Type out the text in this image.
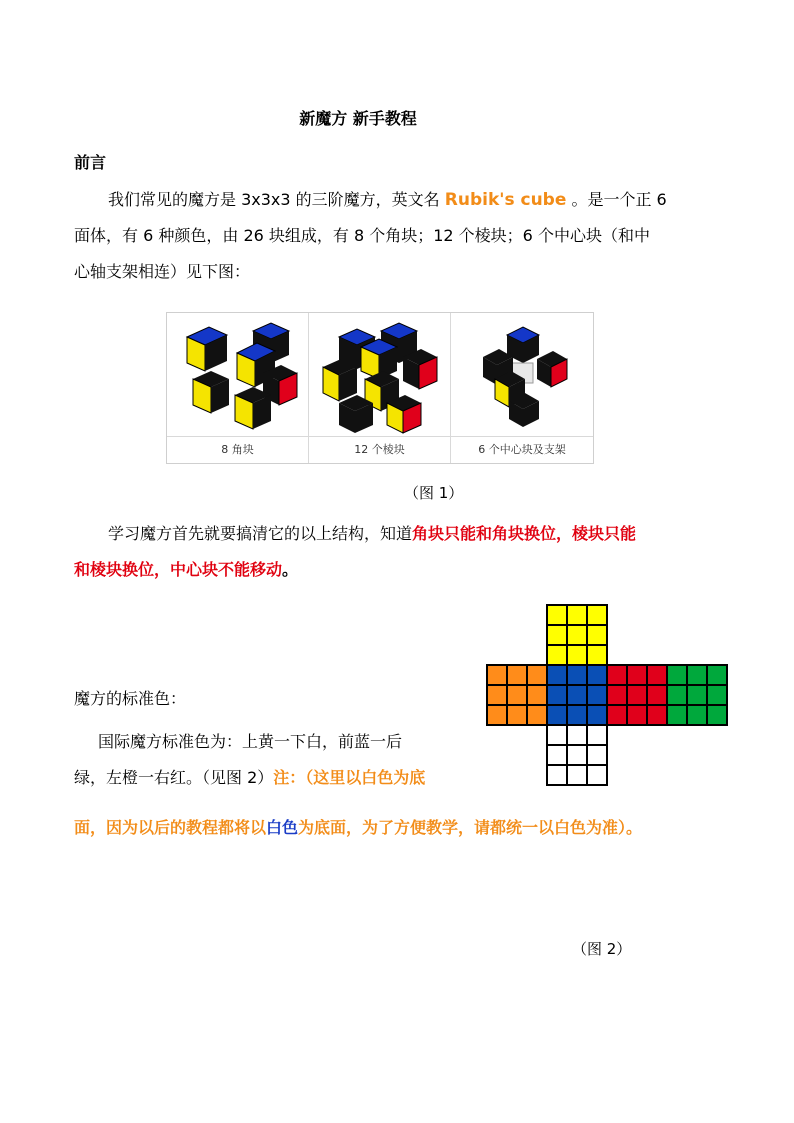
新魔方 新手教程
前言
我们常见的魔方是 3x3x3 的三阶魔方，英文名 Rubik's cube 。是一个正 6
面体，有 6 种颜色，由 26 块组成，有 8 个角块；12 个棱块；6 个中心块（和中
心轴支架相连）见下图：
8 角块	12 个棱块	6 个中心块及支架
（图 1）
学习魔方首先就要搞清它的以上结构，知道角块只能和角块换位，棱块只能
和棱块换位，中心块不能移动。
魔方的标准色：
国际魔方标准色为：上黄一下白，前蓝一后
绿，左橙一右红。（见图 2）注：（这里以白色为底
面，因为以后的教程都将以白色为底面，为了方便教学，请都统一以白色为准）。
（图 2）
